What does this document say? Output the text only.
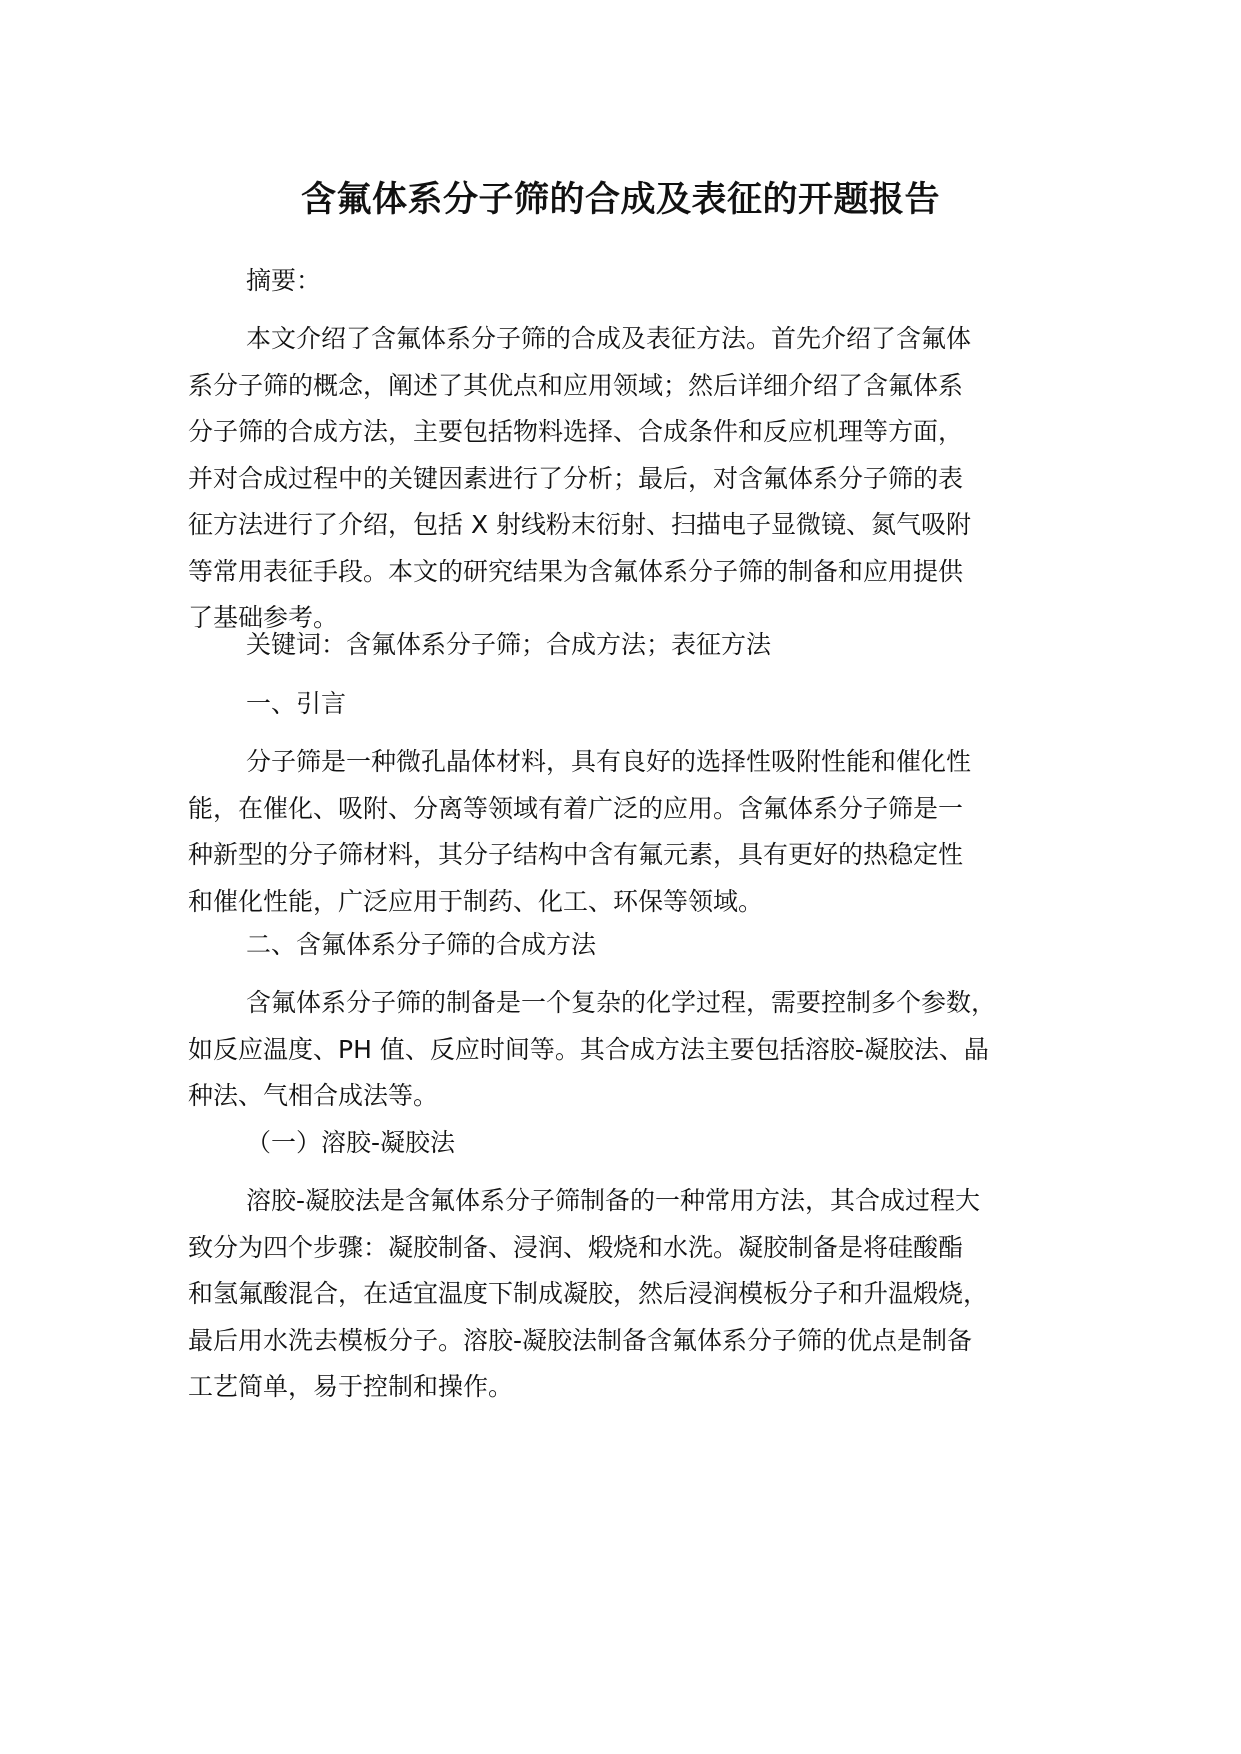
含氟体系分子筛的合成及表征的开题报告

摘要：

本文介绍了含氟体系分子筛的合成及表征方法。首先介绍了含氟体
系分子筛的概念，阐述了其优点和应用领域；然后详细介绍了含氟体系
分子筛的合成方法，主要包括物料选择、合成条件和反应机理等方面，
并对合成过程中的关键因素进行了分析；最后，对含氟体系分子筛的表
征方法进行了介绍，包括 X 射线粉末衍射、扫描电子显微镜、氮气吸附
等常用表征手段。本文的研究结果为含氟体系分子筛的制备和应用提供
了基础参考。

关键词：含氟体系分子筛；合成方法；表征方法

一、引言

分子筛是一种微孔晶体材料，具有良好的选择性吸附性能和催化性
能，在催化、吸附、分离等领域有着广泛的应用。含氟体系分子筛是一
种新型的分子筛材料，其分子结构中含有氟元素，具有更好的热稳定性
和催化性能，广泛应用于制药、化工、环保等领域。

二、含氟体系分子筛的合成方法

含氟体系分子筛的制备是一个复杂的化学过程，需要控制多个参数，
如反应温度、PH 值、反应时间等。其合成方法主要包括溶胶-凝胶法、晶
种法、气相合成法等。

（一）溶胶-凝胶法

溶胶-凝胶法是含氟体系分子筛制备的一种常用方法，其合成过程大
致分为四个步骤：凝胶制备、浸润、煅烧和水洗。凝胶制备是将硅酸酯
和氢氟酸混合，在适宜温度下制成凝胶，然后浸润模板分子和升温煅烧，
最后用水洗去模板分子。溶胶-凝胶法制备含氟体系分子筛的优点是制备
工艺简单，易于控制和操作。
